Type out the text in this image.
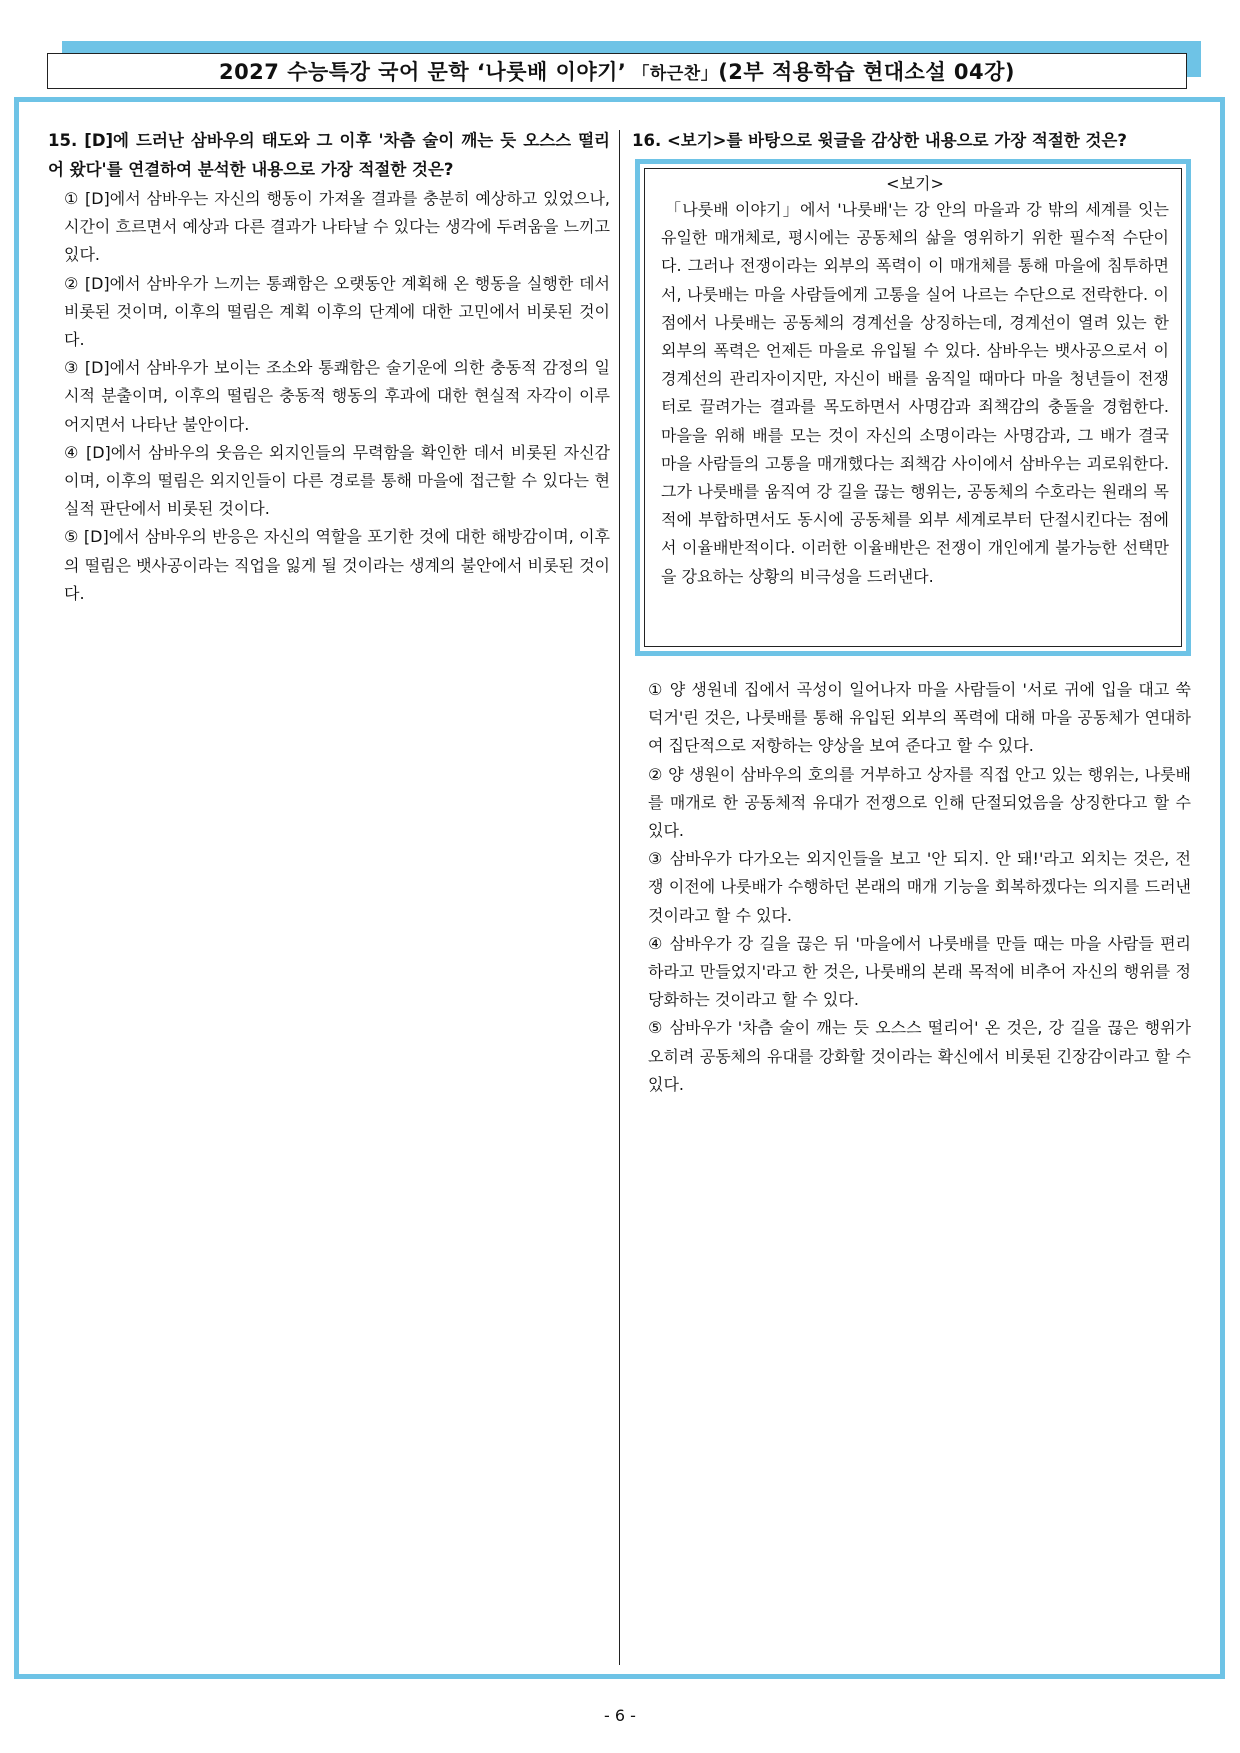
2027 수능특강 국어 문학 ‘나룻배 이야기’ 「하근찬」 (2부 적용학습 현대소설 04강)
15. [D]에 드러난 삼바우의 태도와 그 이후 '차츰 술이 깨는 듯 오스스 떨리어 왔다'를 연결하여 분석한 내용으로 가장 적절한 것은?

① [D]에서 삼바우는 자신의 행동이 가져올 결과를 충분히 예상하고 있었으나, 시간이 흐르면서 예상과 다른 결과가 나타날 수 있다는 생각에 두려움을 느끼고 있다.

② [D]에서 삼바우가 느끼는 통쾌함은 오랫동안 계획해 온 행동을 실행한 데서 비롯된 것이며, 이후의 떨림은 계획 이후의 단계에 대한 고민에서 비롯된 것이다.

③ [D]에서 삼바우가 보이는 조소와 통쾌함은 술기운에 의한 충동적 감정의 일시적 분출이며, 이후의 떨림은 충동적 행동의 후과에 대한 현실적 자각이 이루어지면서 나타난 불안이다.

④ [D]에서 삼바우의 웃음은 외지인들의 무력함을 확인한 데서 비롯된 자신감이며, 이후의 떨림은 외지인들이 다른 경로를 통해 마을에 접근할 수 있다는 현실적 판단에서 비롯된 것이다.

⑤ [D]에서 삼바우의 반응은 자신의 역할을 포기한 것에 대한 해방감이며, 이후의 떨림은 뱃사공이라는 직업을 잃게 될 것이라는 생계의 불안에서 비롯된 것이다.

16. <보기>를 바탕으로 윗글을 감상한 내용으로 가장 적절한 것은?
<보기>
「나룻배 이야기」에서 '나룻배'는 강 안의 마을과 강 밖의 세계를 잇는 유일한 매개체로, 평시에는 공동체의 삶을 영위하기 위한 필수적 수단이다. 그러나 전쟁이라는 외부의 폭력이 이 매개체를 통해 마을에 침투하면서, 나룻배는 마을 사람들에게 고통을 실어 나르는 수단으로 전락한다. 이 점에서 나룻배는 공동체의 경계선을 상징하는데, 경계선이 열려 있는 한 외부의 폭력은 언제든 마을로 유입될 수 있다. 삼바우는 뱃사공으로서 이 경계선의 관리자이지만, 자신이 배를 움직일 때마다 마을 청년들이 전쟁터로 끌려가는 결과를 목도하면서 사명감과 죄책감의 충돌을 경험한다. 마을을 위해 배를 모는 것이 자신의 소명이라는 사명감과, 그 배가 결국 마을 사람들의 고통을 매개했다는 죄책감 사이에서 삼바우는 괴로워한다. 그가 나룻배를 움직여 강 길을 끊는 행위는, 공동체의 수호라는 원래의 목적에 부합하면서도 동시에 공동체를 외부 세계로부터 단절시킨다는 점에서 이율배반적이다. 이러한 이율배반은 전쟁이 개인에게 불가능한 선택만을 강요하는 상황의 비극성을 드러낸다.

① 양 생원네 집에서 곡성이 일어나자 마을 사람들이 '서로 귀에 입을 대고 쑥덕거'린 것은, 나룻배를 통해 유입된 외부의 폭력에 대해 마을 공동체가 연대하여 집단적으로 저항하는 양상을 보여 준다고 할 수 있다.

② 양 생원이 삼바우의 호의를 거부하고 상자를 직접 안고 있는 행위는, 나룻배를 매개로 한 공동체적 유대가 전쟁으로 인해 단절되었음을 상징한다고 할 수 있다.

③ 삼바우가 다가오는 외지인들을 보고 '안 되지. 안 돼!'라고 외치는 것은, 전쟁 이전에 나룻배가 수행하던 본래의 매개 기능을 회복하겠다는 의지를 드러낸 것이라고 할 수 있다.

④ 삼바우가 강 길을 끊은 뒤 '마을에서 나룻배를 만들 때는 마을 사람들 편리하라고 만들었지'라고 한 것은, 나룻배의 본래 목적에 비추어 자신의 행위를 정당화하는 것이라고 할 수 있다.

⑤ 삼바우가 '차츰 술이 깨는 듯 오스스 떨리어' 온 것은, 강 길을 끊은 행위가 오히려 공동체의 유대를 강화할 것이라는 확신에서 비롯된 긴장감이라고 할 수 있다.

- 6 -
